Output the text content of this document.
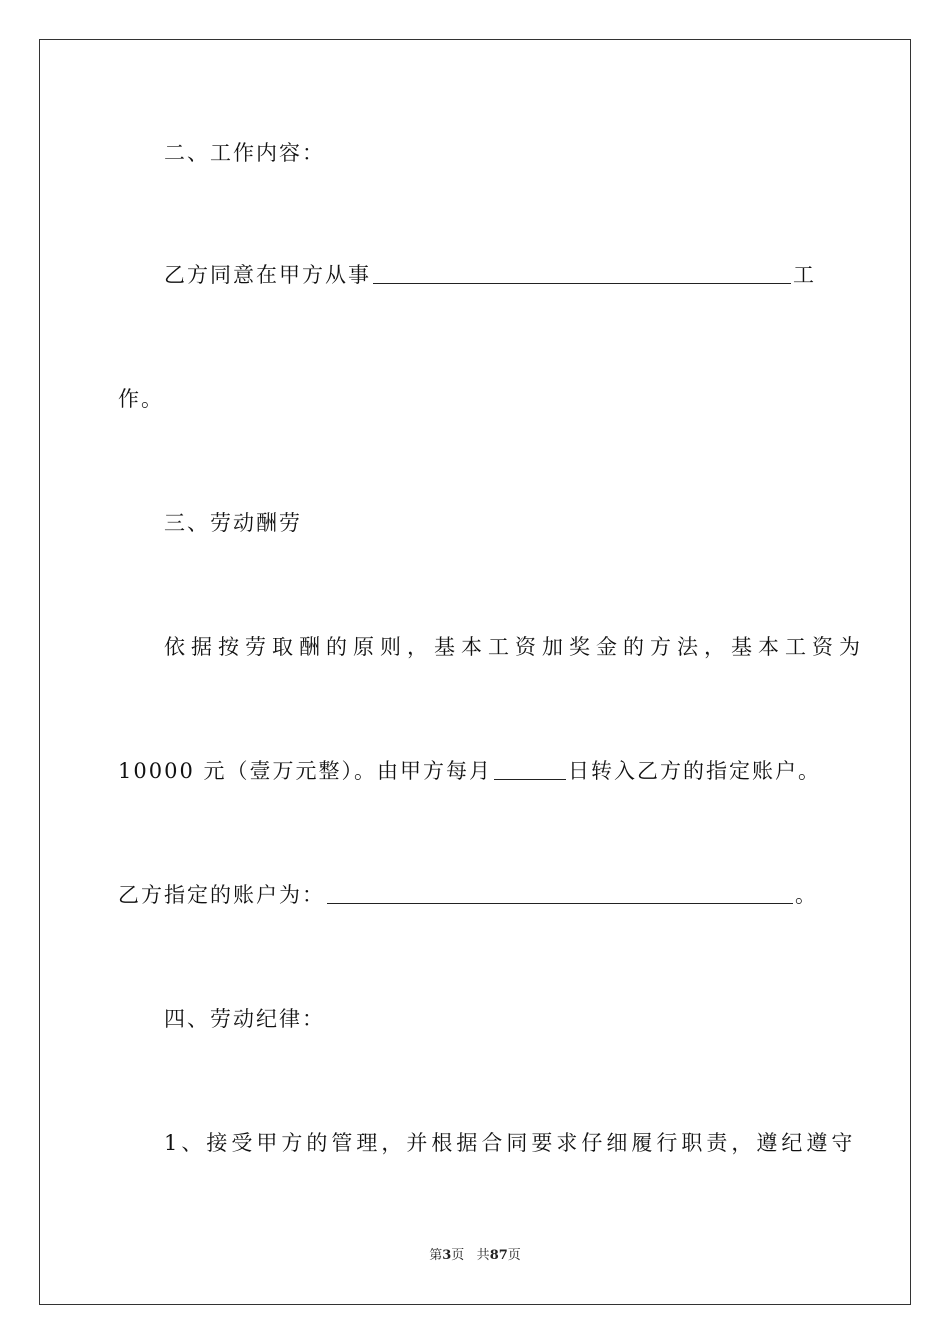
二、工作内容：
乙方同意在甲方从事	工
作。
三、劳动酬劳
依据按劳取酬的原则，基本工资加奖金的方法，基本工资为
10000 元（壹万元整）。由甲方每月	日转入乙方的指定账户。
乙方指定的账户为：	。
四、劳动纪律：
1、接受甲方的管理，并根据合同要求仔细履行职责，遵纪遵守
第3页 共87页
